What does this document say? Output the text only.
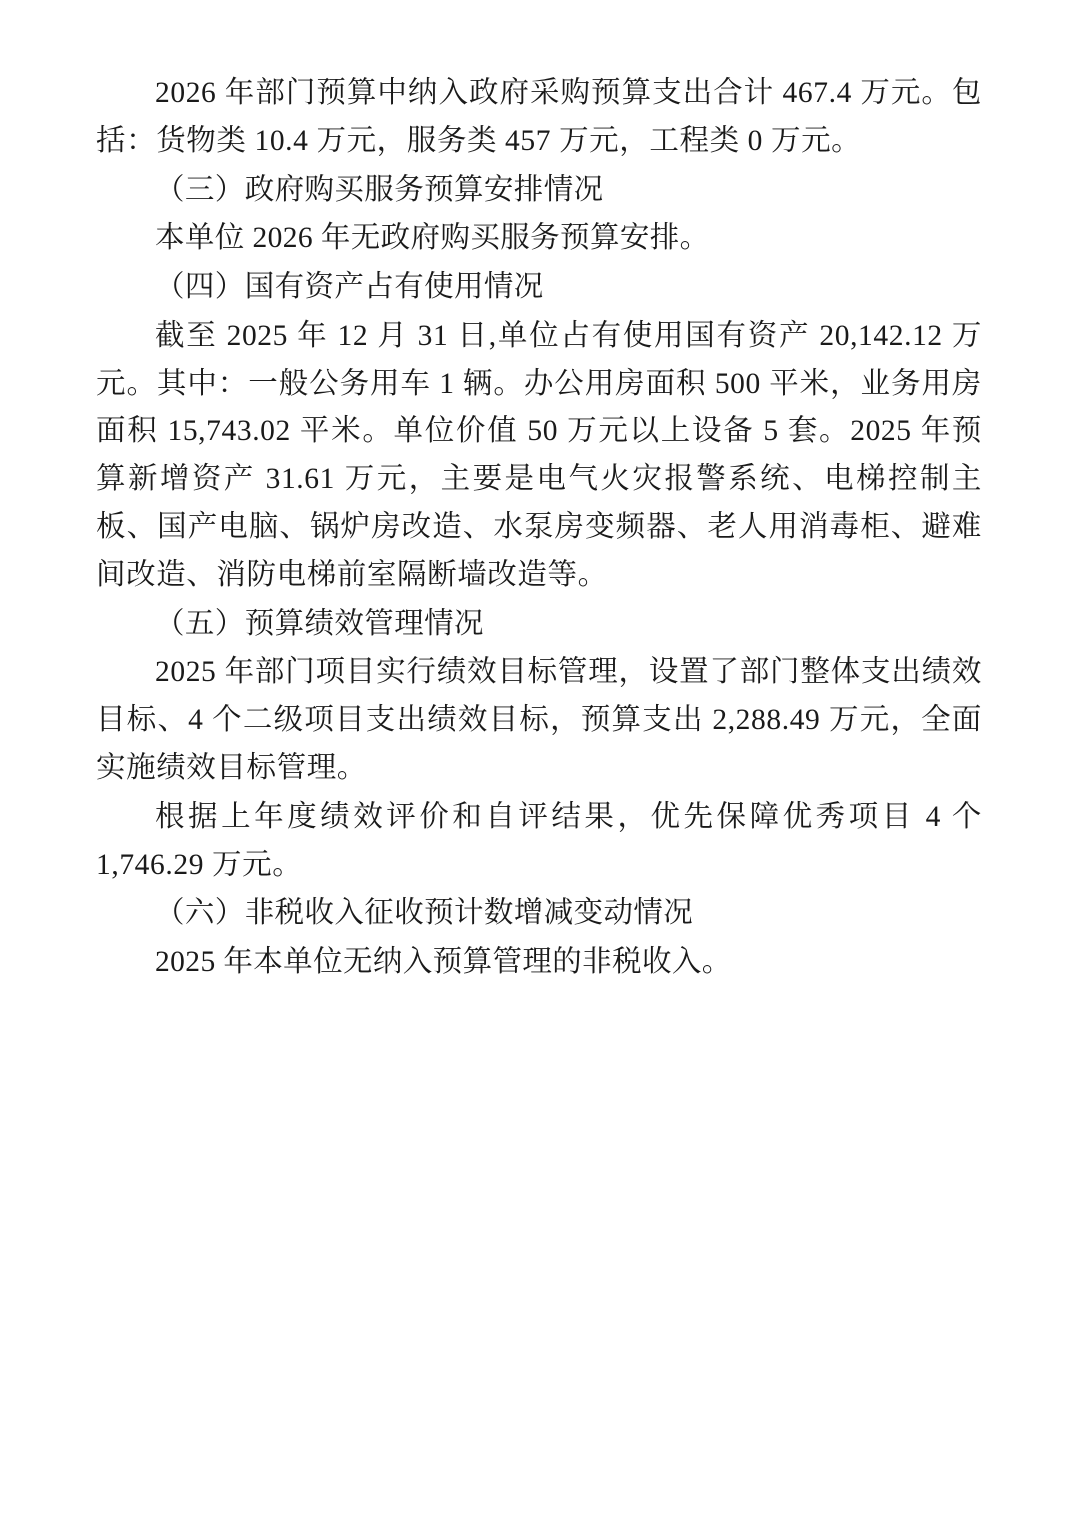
2026 年部门预算中纳入政府采购预算支出合计 467.4 万元。包括：货物类 10.4 万元，服务类 457 万元，工程类 0 万元。

（三）政府购买服务预算安排情况

本单位 2026 年无政府购买服务预算安排。

（四）国有资产占有使用情况

截至 2025 年 12 月 31 日,单位占有使用国有资产 20,142.12 万元。其中：一般公务用车 1 辆。办公用房面积 500 平米，业务用房面积 15,743.02 平米。单位价值 50 万元以上设备 5 套。2025 年预算新增资产 31.61 万元，主要是电气火灾报警系统、电梯控制主板、国产电脑、锅炉房改造、水泵房变频器、老人用消毒柜、避难间改造、消防电梯前室隔断墙改造等。

（五）预算绩效管理情况

2025 年部门项目实行绩效目标管理，设置了部门整体支出绩效目标、4 个二级项目支出绩效目标，预算支出 2,288.49 万元，全面实施绩效目标管理。

根据上年度绩效评价和自评结果，优先保障优秀项目 4 个 1,746.29 万元。

（六）非税收入征收预计数增减变动情况

2025 年本单位无纳入预算管理的非税收入。
